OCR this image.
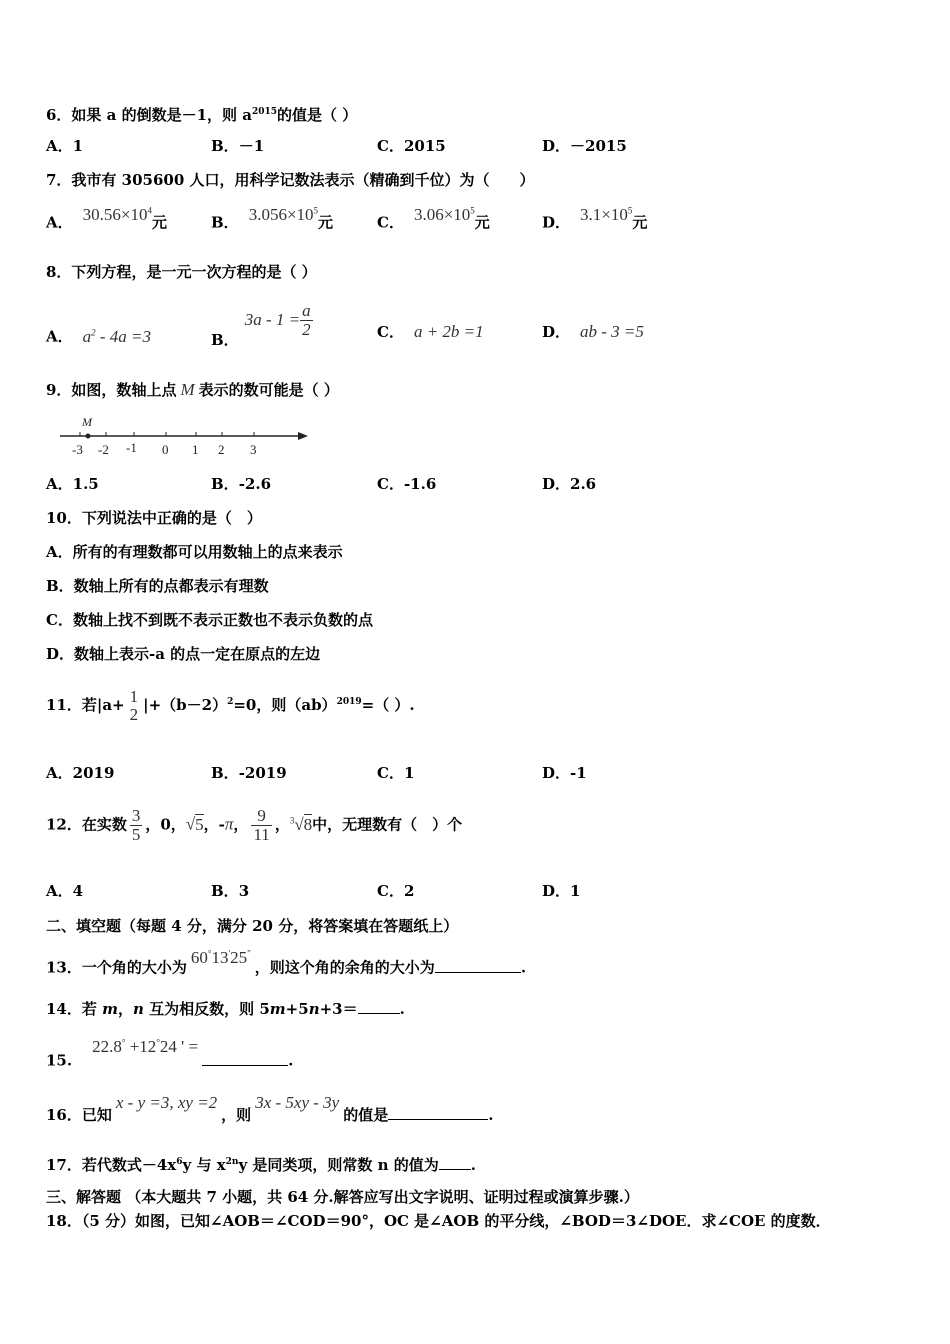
6．如果 a 的倒数是－1，则 $a^{2015}$的值是（ ）
A．1	B．－1	C．2015	D．－2015
7．我市有 305600 人口，用科学记数法表示（精确到千位）为（　　）
A． $30.56\times 10^4$元	B． $3.056\times 10^5$元	C． $3.06\times 10^5$元	D． $3.1\times 10^5$元
8．下列方程，是一元一次方程的是（ ）
A． $a^2 - 4a =3$	B．$3a - 1 = \frac{a}{2}$	C． a + 2b =1	D． ab - 3 =5
9．如图，数轴上点 M 表示的数可能是（ ）
M
-3 -2 -1 0 1 2 3
A．1.5	B．-2.6	C．-1.6	D．2.6
10．下列说法中正确的是（　）
A．所有的有理数都可以用数轴上的点来表示
B．数轴上所有的点都表示有理数
C．数轴上找不到既不表示正数也不表示负数的点
D．数轴上表示-a 的点一定在原点的左边
11．若|a+ 1
2 $|+(b-2)^2=0$，则（ab）$^{2019}$=（ ）.
A．2019	B．-2019	C．1	D．-1
12．在实数 $\frac{3}{5}$ ，0，√5，-π， $\frac{9}{11}$ ，$^3$√8中，无理数有（　）个
A．4	B．3	C．2	D．1
二、填空题（每题 4 分，满分 20 分，将答案填在答题纸上）
13．一个角的大小为60°13'25"，则这个角的余角的大小为	.
14．若 m，n 互为相反数，则 5m+5n+3＝	.
15.22.8° +12°24 ' =.
16．已知x - y =3, xy =2，则3x - 5xy - 3y的值是	.
17．若代数式$-4x^6y$ 与 $x^{2n}y$ 是同类项，则常数 n 的值为 .
三、解答题 （本大题共 7 小题，共 64 分.解答应写出文字说明、证明过程或演算步骤.）
18．（5 分）如图，已知∠AOB＝∠COD＝90°，OC 是∠AOB 的平分线，∠BOD＝3∠DOE．求∠COE 的度数．
